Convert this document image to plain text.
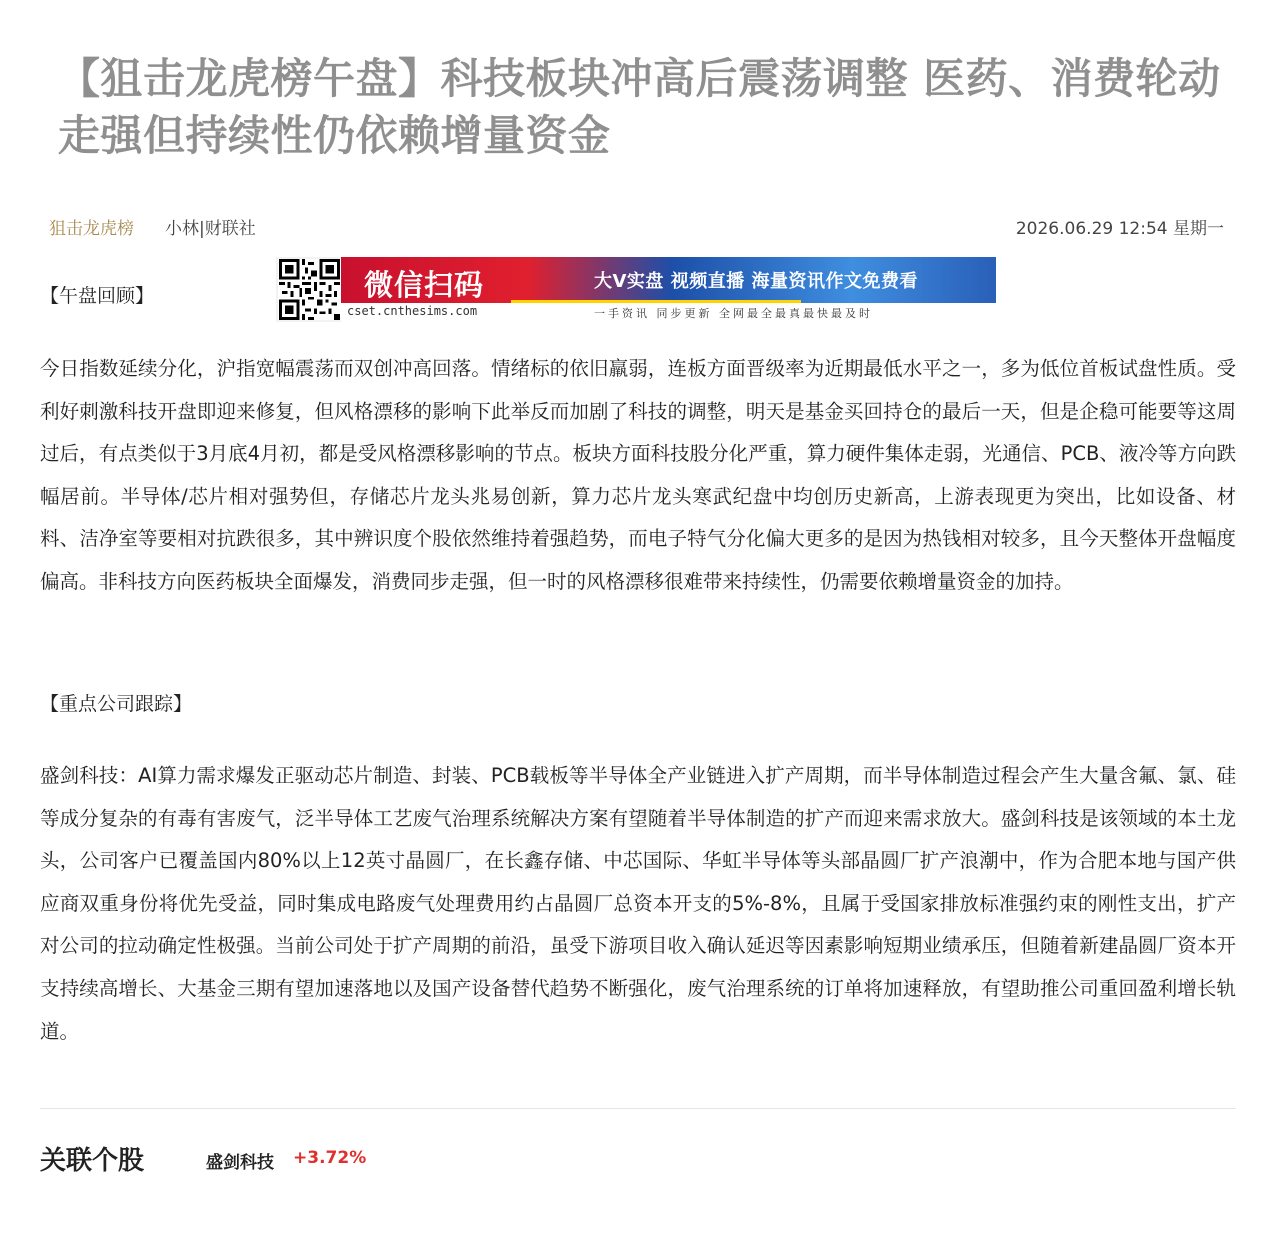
【狙击龙虎榜午盘】科技板块冲高后震荡调整 医药、消费轮动走强但持续性仍依赖增量资金
狙击龙虎榜 小林|财联社	2026.06.29 12:54 星期一
【午盘回顾】	微信扫码	大V实盘 视频直播 海量资讯作文免费看
cset.cnthesims.com	一手资讯 同步更新 全网最全最真最快最及时

今日指数延续分化，沪指宽幅震荡而双创冲高回落。情绪标的依旧羸弱，连板方面晋级率为近期最低水平之一，多为低位首板试盘性质。受利好刺激科技开盘即迎来修复，但风格漂移的影响下此举反而加剧了科技的调整，明天是基金买回持仓的最后一天，但是企稳可能要等这周过后，有点类似于3月底4月初，都是受风格漂移影响的节点。板块方面科技股分化严重，算力硬件集体走弱，光通信、PCB、液冷等方向跌幅居前。半导体/芯片相对强势但，存储芯片龙头兆易创新，算力芯片龙头寒武纪盘中均创历史新高，上游表现更为突出，比如设备、材料、洁净室等要相对抗跌很多，其中辨识度个股依然维持着强趋势，而电子特气分化偏大更多的是因为热钱相对较多，且今天整体开盘幅度偏高。非科技方向医药板块全面爆发，消费同步走强，但一时的风格漂移很难带来持续性，仍需要依赖增量资金的加持。

【重点公司跟踪】

盛剑科技：AI算力需求爆发正驱动芯片制造、封装、PCB载板等半导体全产业链进入扩产周期，而半导体制造过程会产生大量含氟、氯、硅等成分复杂的有毒有害废气，泛半导体工艺废气治理系统解决方案有望随着半导体制造的扩产而迎来需求放大。盛剑科技是该领域的本土龙头，公司客户已覆盖国内80%以上12英寸晶圆厂，在长鑫存储、中芯国际、华虹半导体等头部晶圆厂扩产浪潮中，作为合肥本地与国产供应商双重身份将优先受益，同时集成电路废气处理费用约占晶圆厂总资本开支的5%-8%，且属于受国家排放标准强约束的刚性支出，扩产对公司的拉动确定性极强。当前公司处于扩产周期的前沿，虽受下游项目收入确认延迟等因素影响短期业绩承压，但随着新建晶圆厂资本开支持续高增长、大基金三期有望加速落地以及国产设备替代趋势不断强化，废气治理系统的订单将加速释放，有望助推公司重回盈利增长轨道。

关联个股	盛剑科技 +3.72%
